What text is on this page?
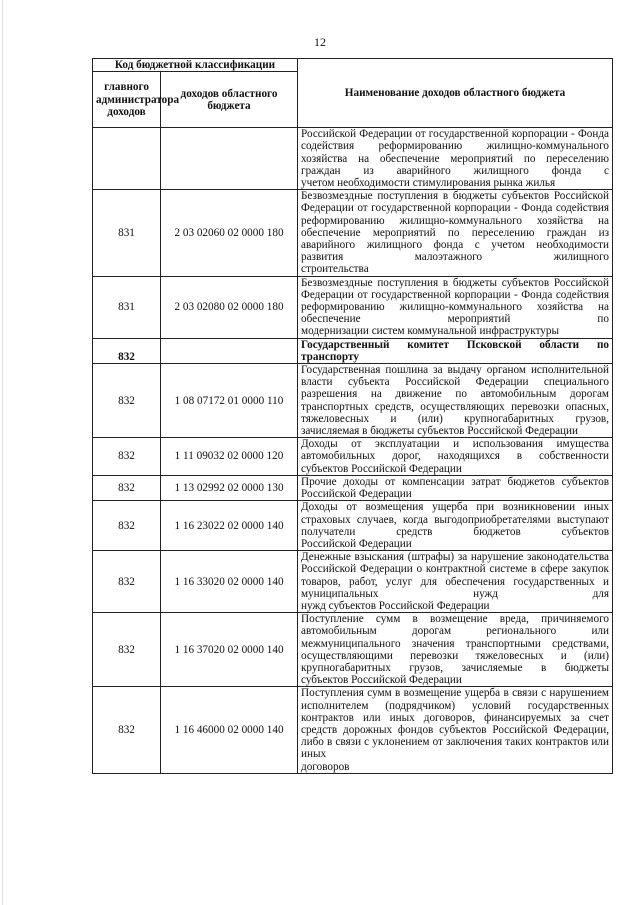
12
Код бюджетной классификации		Наименование доходов областного бюджета
главного администратора доходов	доходов областного бюджета	

		Российской Федерации от государственной корпорации - Фонда содействия реформированию жилищно-коммунального хозяйства на обеспечение мероприятий по переселению граждан из аварийного жилищного фонда с
учетом необходимости стимулирования рынка жилья

831	2 03 02060 02 0000 180	Безвозмездные поступления в бюджеты субъектов Российской Федерации от государственной корпорации - Фонда содействия реформированию жилищно-коммунального хозяйства на обеспечение мероприятий по переселению граждан из аварийного жилищного фонда с учетом необходимости развития малоэтажного жилищного
строительства

831	2 03 02080 02 0000 180	Безвозмездные поступления в бюджеты субъектов Российской Федерации от государственной корпорации - Фонда содействия реформированию жилищно-коммунального хозяйства на обеспечение мероприятий по
модернизации систем коммунальной инфраструктуры

832		Государственный комитет Псковской области по
транспорту

832	1 08 07172 01 0000 110	Государственная пошлина за выдачу органом исполнительной власти субъекта Российской Федерации специального разрешения на движение по автомобильным дорогам транспортных средств, осуществляющих перевозки опасных, тяжеловесных и (или) крупногабаритных грузов,
зачисляемая в бюджеты субъектов Российской Федерации

832	1 11 09032 02 0000 120	Доходы от эксплуатации и использования имущества автомобильных дорог, находящихся в собственности
субъектов Российской Федерации

832	1 13 02992 02 0000 130	Прочие доходы от компенсации затрат бюджетов субъектов
Российской Федерации

832	1 16 23022 02 0000 140	Доходы от возмещения ущерба при возникновении иных страховых случаев, когда выгодоприобретателями выступают получатели средств бюджетов субъектов
Российской Федерации

832	1 16 33020 02 0000 140	Денежные взыскания (штрафы) за нарушение законодательства Российской Федерации о контрактной системе в сфере закупок товаров, работ, услуг для обеспечения государственных и муниципальных нужд для
нужд субъектов Российской Федерации

832	1 16 37020 02 0000 140	Поступление сумм в возмещение вреда, причиняемого автомобильным дорогам регионального или межмуниципального значения транспортными средствами, осуществляющими перевозки тяжеловесных и (или) крупногабаритных грузов, зачисляемые в бюджеты
субъектов Российской Федерации

832	1 16 46000 02 0000 140	Поступления сумм в возмещение ущерба в связи с нарушением исполнителем (подрядчиком) условий государственных контрактов или иных договоров, финансируемых за счет средств дорожных фондов субъектов Российской Федерации, либо в связи с уклонением от заключения таких контрактов или иных
договоров
